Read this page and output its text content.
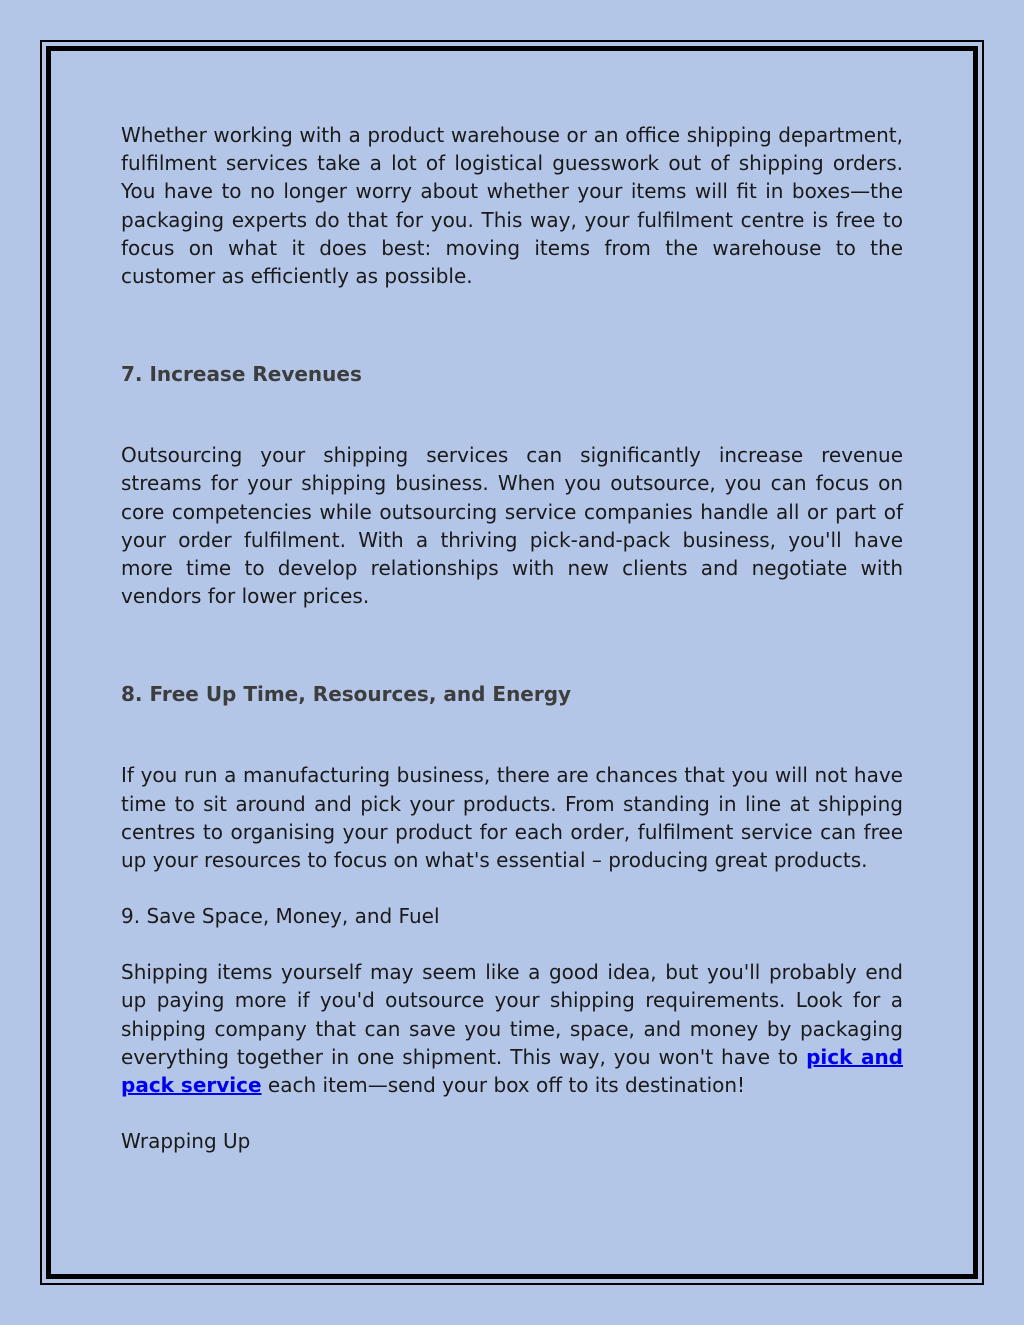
Whether working with a product warehouse or an office shipping department, fulfilment services take a lot of logistical guesswork out of shipping orders. You have to no longer worry about whether your items will fit in boxes—the packaging experts do that for you. This way, your fulfilment centre is free to focus on what it does best: moving items from the warehouse to the customer as efficiently as possible.

7. Increase Revenues

Outsourcing your shipping services can significantly increase revenue streams for your shipping business. When you outsource, you can focus on core competencies while outsourcing service companies handle all or part of your order fulfilment. With a thriving pick-and-pack business, you'll have more time to develop relationships with new clients and negotiate with vendors for lower prices.

8. Free Up Time, Resources, and Energy

If you run a manufacturing business, there are chances that you will not have time to sit around and pick your products. From standing in line at shipping centres to organising your product for each order, fulfilment service can free up your resources to focus on what's essential – producing great products.

9. Save Space, Money, and Fuel

Shipping items yourself may seem like a good idea, but you'll probably end up paying more if you'd outsource your shipping requirements. Look for a shipping company that can save you time, space, and money by packaging everything together in one shipment. This way, you won't have to pick and pack service each item—send your box off to its destination!

Wrapping Up
